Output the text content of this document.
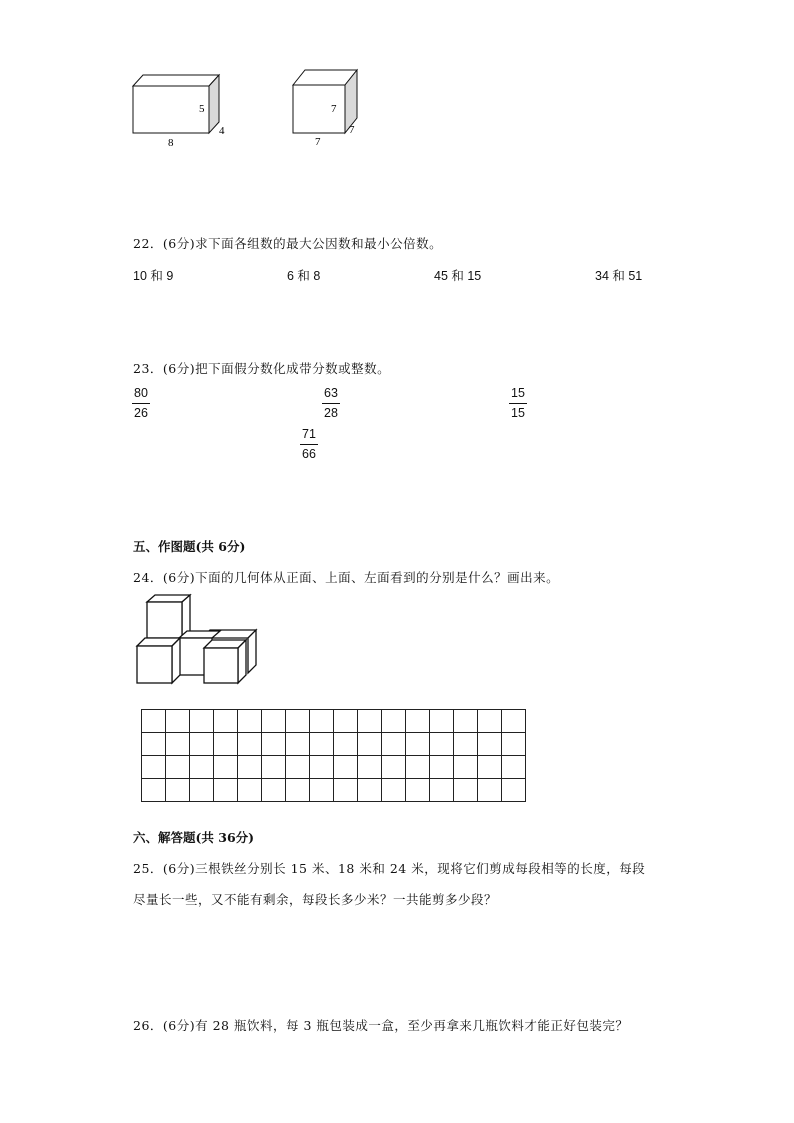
5
4
8
7
7
7
22．(6分)求下面各组数的最大公因数和最小公倍数。
10 和 9	6 和 8	45 和 15	34 和 51
23．(6分)把下面假分数化成带分数或整数。
80
26
63
28
15
15
71
66
五、作图题(共 6分)
24．(6分)下面的几何体从正面、上面、左面看到的分别是什么？画出来。

六、解答题(共 36分)
25．(6分)三根铁丝分别长 15 米、18 米和 24 米，现将它们剪成每段相等的长度，每段
尽量长一些，又不能有剩余，每段长多少米？一共能剪多少段？
26．(6分)有 28 瓶饮料，每 3 瓶包装成一盒，至少再拿来几瓶饮料才能正好包装完？
